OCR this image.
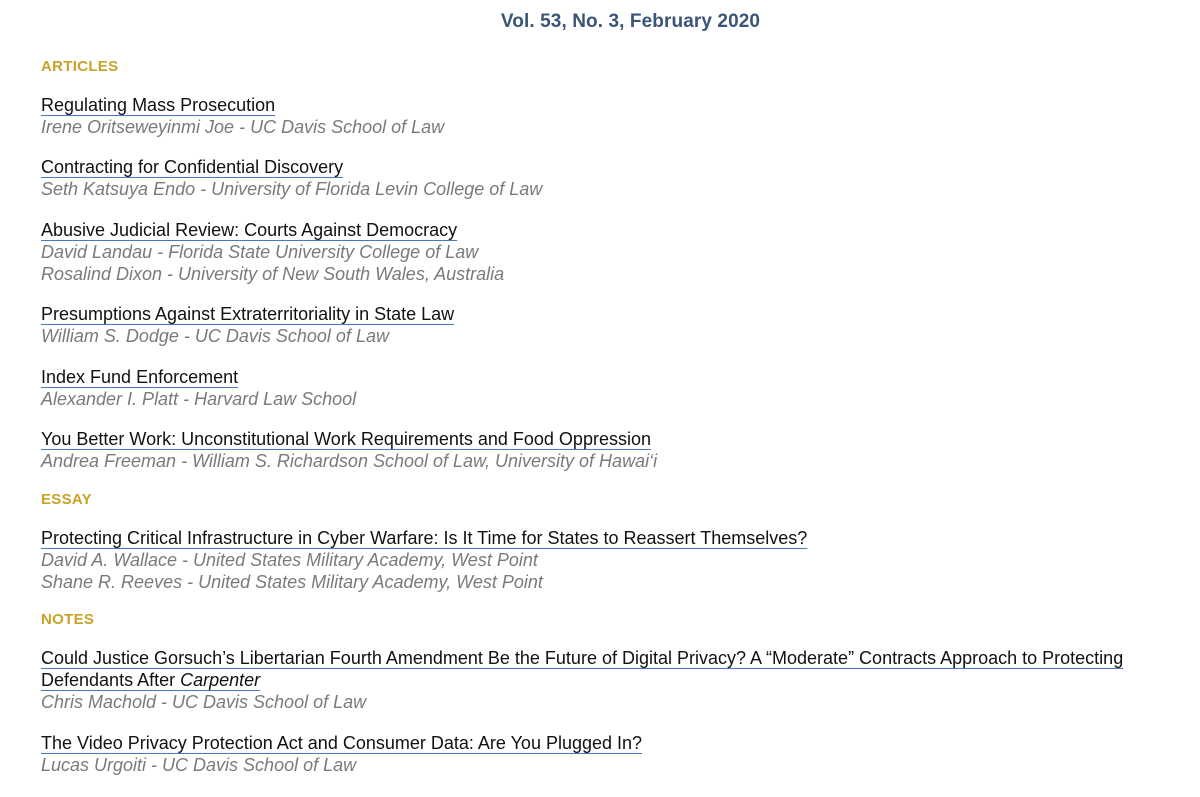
Vol. 53, No. 3, February 2020
ARTICLES
Regulating Mass Prosecution
Irene Oritseweyinmi Joe - UC Davis School of Law
Contracting for Confidential Discovery
Seth Katsuya Endo - University of Florida Levin College of Law
Abusive Judicial Review: Courts Against Democracy
David Landau - Florida State University College of Law
Rosalind Dixon - University of New South Wales, Australia
Presumptions Against Extraterritoriality in State Law
William S. Dodge - UC Davis School of Law
Index Fund Enforcement
Alexander I. Platt - Harvard Law School
You Better Work: Unconstitutional Work Requirements and Food Oppression
Andrea Freeman - William S. Richardson School of Law, University of Hawai‘i
ESSAY
Protecting Critical Infrastructure in Cyber Warfare: Is It Time for States to Reassert Themselves?
David A. Wallace - United States Military Academy, West Point
Shane R. Reeves - United States Military Academy, West Point
NOTES
Could Justice Gorsuch’s Libertarian Fourth Amendment Be the Future of Digital Privacy? A “Moderate” Contracts Approach to Protecting Defendants After Carpenter
Chris Machold - UC Davis School of Law
The Video Privacy Protection Act and Consumer Data: Are You Plugged In?
Lucas Urgoiti - UC Davis School of Law
